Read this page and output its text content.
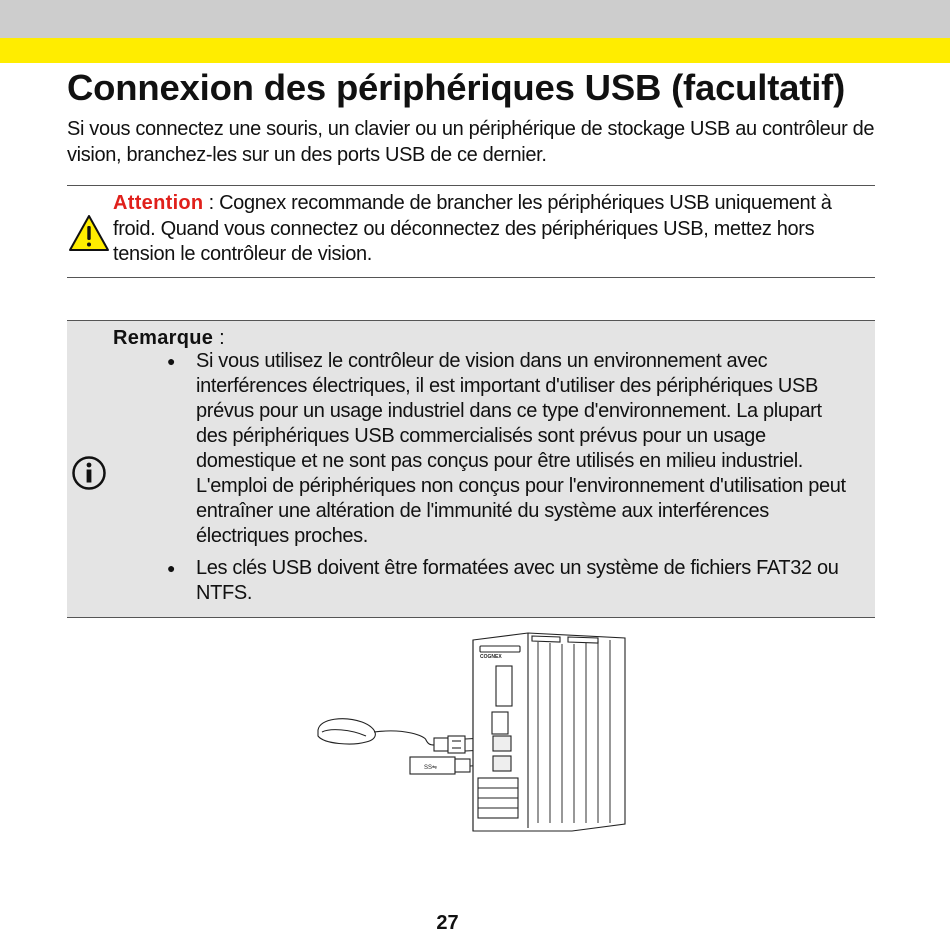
Connexion des périphériques USB (facultatif)
Si vous connectez une souris, un clavier ou un périphérique de stockage USB au contrôleur de vision, branchez-les sur un des ports USB de ce dernier.
Attention : Cognex recommande de brancher les périphériques USB uniquement à froid. Quand vous connectez ou déconnectez des périphériques USB, mettez hors tension le contrôleur de vision.
Remarque :
● Si vous utilisez le contrôleur de vision dans un environnement avec interférences électriques, il est important d'utiliser des périphériques USB prévus pour un usage industriel dans ce type d'environnement. La plupart des périphériques USB commercialisés sont prévus pour un usage domestique et ne sont pas conçus pour être utilisés en milieu industriel. L'emploi de périphériques non conçus pour l'environnement d'utilisation peut entraîner une altération de l'immunité du système aux interférences électriques proches.
● Les clés USB doivent être formatées avec un système de fichiers FAT32 ou NTFS.
SS⇋
COGNEX
27
